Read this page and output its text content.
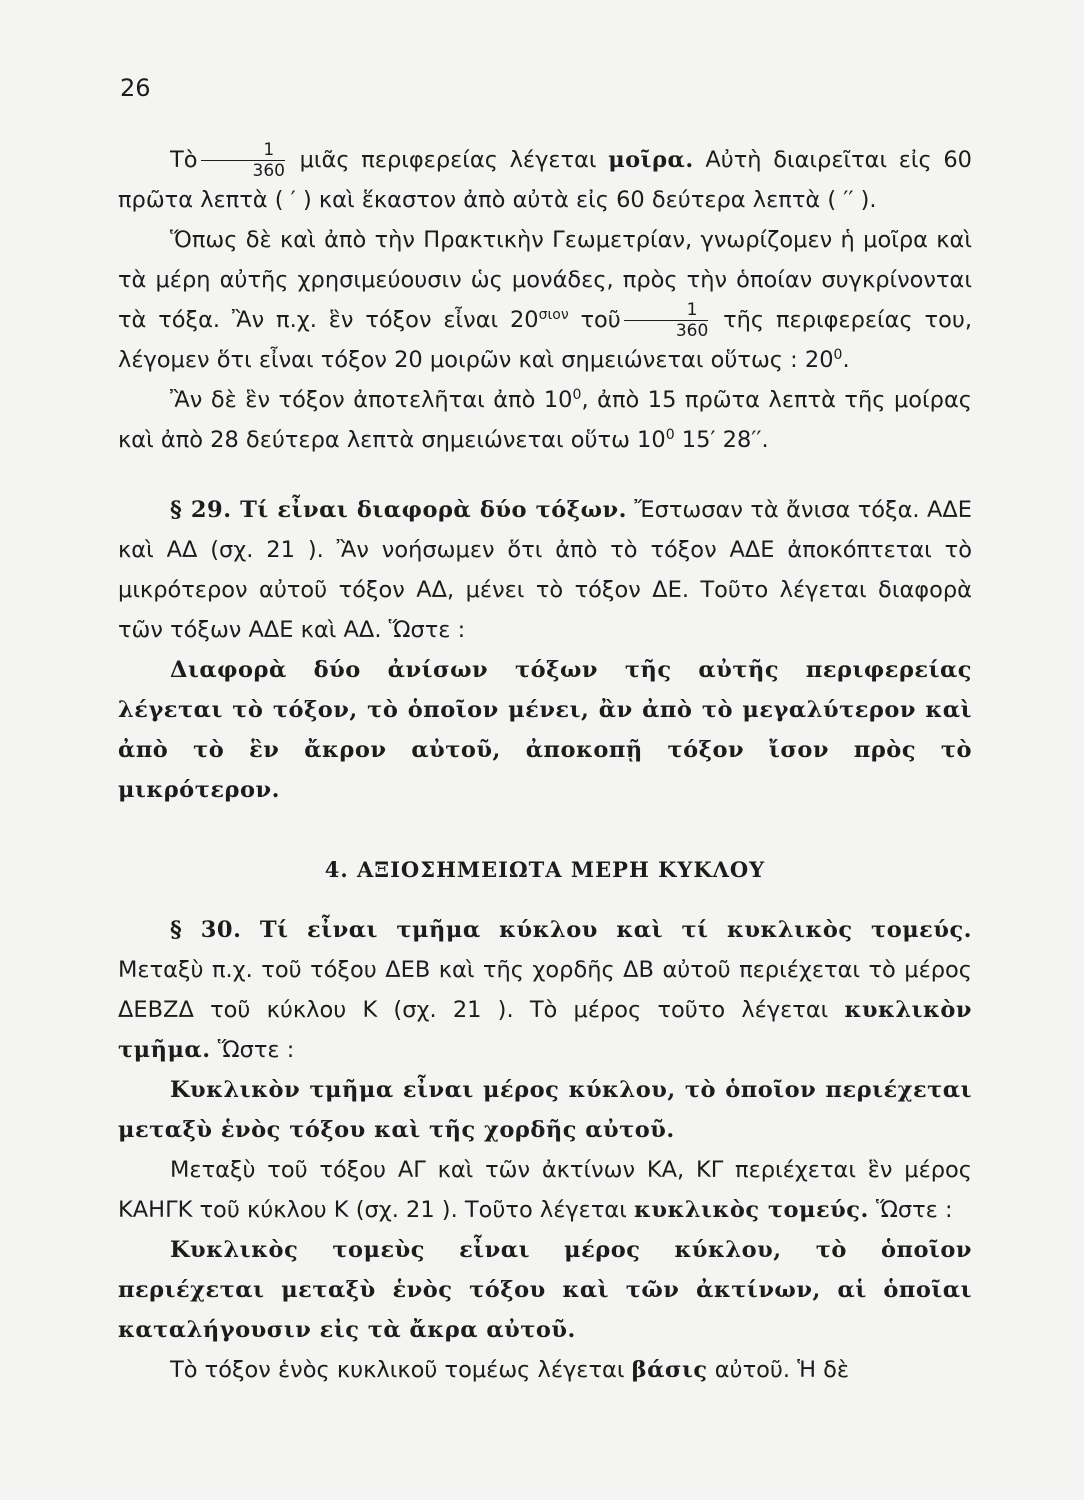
26

Τὸ $\frac{1}{360}$ μιᾶς περιφερείας λέγεται μοῖρα. Αὐτὴ διαιρεῖται εἰς 60 πρῶτα λεπτὰ ( ′ ) καὶ ἕκαστον ἀπὸ αὐτὰ εἰς 60 δεύτερα λεπτὰ ( ′′ ).

Ὅπως δὲ καὶ ἀπὸ τὴν Πρακτικὴν Γεωμετρίαν, γνωρίζομεν ἡ μοῖρα καὶ τὰ μέρη αὐτῆς χρησιμεύουσιν ὡς μονάδες, πρὸς τὴν ὁποίαν συγκρίνονται τὰ τόξα. Ἂν π.χ. ἓν τόξον εἶναι $20^{\sigma\iota o\nu}$ τοῦ $\frac{1}{360}$ τῆς περιφερείας του, λέγομεν ὅτι εἶναι τόξον 20 μοιρῶν καὶ σημειώνεται οὕτως : $20^0$.

Ἂν δὲ ἓν τόξον ἀποτελῆται ἀπὸ $10^0$, ἀπὸ 15 πρῶτα λεπτὰ τῆς μοίρας καὶ ἀπὸ 28 δεύτερα λεπτὰ σημειώνεται οὕτω $10^0$ 15′ 28′′.

§ 29. Τί εἶναι διαφορὰ δύο τόξων. Ἔστωσαν τὰ ἄνισα τόξα. ΑΔΕ καὶ ΑΔ (σχ. 21 ). Ἂν νοήσωμεν ὅτι ἀπὸ τὸ τόξον ΑΔΕ ἀποκόπτεται τὸ μικρότερον αὐτοῦ τόξον ΑΔ, μένει τὸ τόξον ΔΕ. Τοῦτο λέγεται διαφορὰ τῶν τόξων ΑΔΕ καὶ ΑΔ. Ὥστε :

Διαφορὰ δύο ἀνίσων τόξων τῆς αὐτῆς περιφερείας λέγεται τὸ τόξον, τὸ ὁποῖον μένει, ἂν ἀπὸ τὸ μεγαλύτερον καὶ ἀπὸ τὸ ἓν ἄκρον αὐτοῦ, ἀποκοπῇ τόξον ἴσον πρὸς τὸ μικρότερον.

4. ΑΞΙΟΣΗΜΕΙΩΤΑ ΜΕΡΗ ΚΥΚΛΟΥ

§ 30. Τί εἶναι τμῆμα κύκλου καὶ τί κυκλικὸς τομεύς. Μεταξὺ π.χ. τοῦ τόξου ΔΕΒ καὶ τῆς χορδῆς ΔΒ αὐτοῦ περιέχεται τὸ μέρος ΔΕΒΖΔ τοῦ κύκλου Κ (σχ. 21 ). Τὸ μέρος τοῦτο λέγεται κυκλικὸν τμῆμα. Ὥστε :

Κυκλικὸν τμῆμα εἶναι μέρος κύκλου, τὸ ὁποῖον περιέχεται μεταξὺ ἑνὸς τόξου καὶ τῆς χορδῆς αὐτοῦ.

Μεταξὺ τοῦ τόξου ΑΓ καὶ τῶν ἀκτίνων ΚΑ, ΚΓ περιέχεται ἓν μέρος ΚΑΗΓΚ τοῦ κύκλου Κ (σχ. 21 ). Τοῦτο λέγεται κυκλικὸς τομεύς. Ὥστε :

Κυκλικὸς τομεὺς εἶναι μέρος κύκλου, τὸ ὁποῖον περιέχεται μεταξὺ ἑνὸς τόξου καὶ τῶν ἀκτίνων, αἱ ὁποῖαι καταλήγουσιν εἰς τὰ ἄκρα αὐτοῦ.

Τὸ τόξον ἑνὸς κυκλικοῦ τομέως λέγεται βάσις αὐτοῦ. Ἡ δὲ
